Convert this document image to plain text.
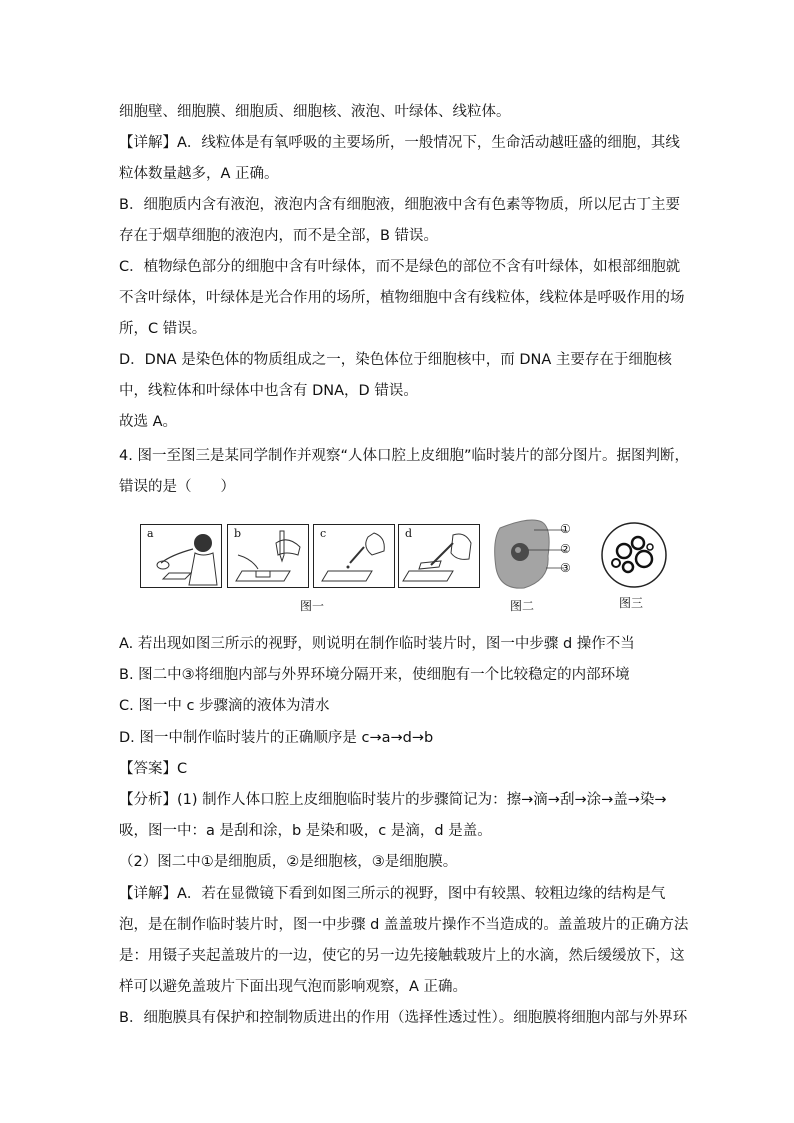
细胞壁、细胞膜、细胞质、细胞核、液泡、叶绿体、线粒体。
【详解】A．线粒体是有氧呼吸的主要场所，一般情况下，生命活动越旺盛的细胞，其线
粒体数量越多，A 正确。
B．细胞质内含有液泡，液泡内含有细胞液，细胞液中含有色素等物质，所以尼古丁主要
存在于烟草细胞的液泡内，而不是全部，B 错误。
C．植物绿色部分的细胞中含有叶绿体，而不是绿色的部位不含有叶绿体，如根部细胞就
不含叶绿体，叶绿体是光合作用的场所，植物细胞中含有线粒体，线粒体是呼吸作用的场
所，C 错误。
D．DNA 是染色体的物质组成之一，染色体位于细胞核中，而 DNA 主要存在于细胞核
中，线粒体和叶绿体中也含有 DNA，D 错误。
故选 A。
4. 图一至图三是某同学制作并观察“人体口腔上皮细胞”临时装片的部分图片。据图判断，
错误的是（　　）
a	b	c	d
图一
①
②
③
图二	图三
A. 若出现如图三所示的视野，则说明在制作临时装片时，图一中步骤 d 操作不当
B. 图二中③将细胞内部与外界环境分隔开来，使细胞有一个比较稳定的内部环境
C. 图一中 c 步骤滴的液体为清水
D. 图一中制作临时装片的正确顺序是 c→a→d→b
【答案】C
【分析】(1) 制作人体口腔上皮细胞临时装片的步骤简记为：擦→滴→刮→涂→盖→染→
吸，图一中：a 是刮和涂，b 是染和吸，c 是滴，d 是盖。
（2）图二中①是细胞质，②是细胞核，③是细胞膜。
【详解】A．若在显微镜下看到如图三所示的视野，图中有较黑、较粗边缘的结构是气
泡，是在制作临时装片时，图一中步骤 d 盖盖玻片操作不当造成的。盖盖玻片的正确方法
是：用镊子夹起盖玻片的一边，使它的另一边先接触载玻片上的水滴，然后缓缓放下，这
样可以避免盖玻片下面出现气泡而影响观察，A 正确。
B．细胞膜具有保护和控制物质进出的作用（选择性透过性）。细胞膜将细胞内部与外界环
